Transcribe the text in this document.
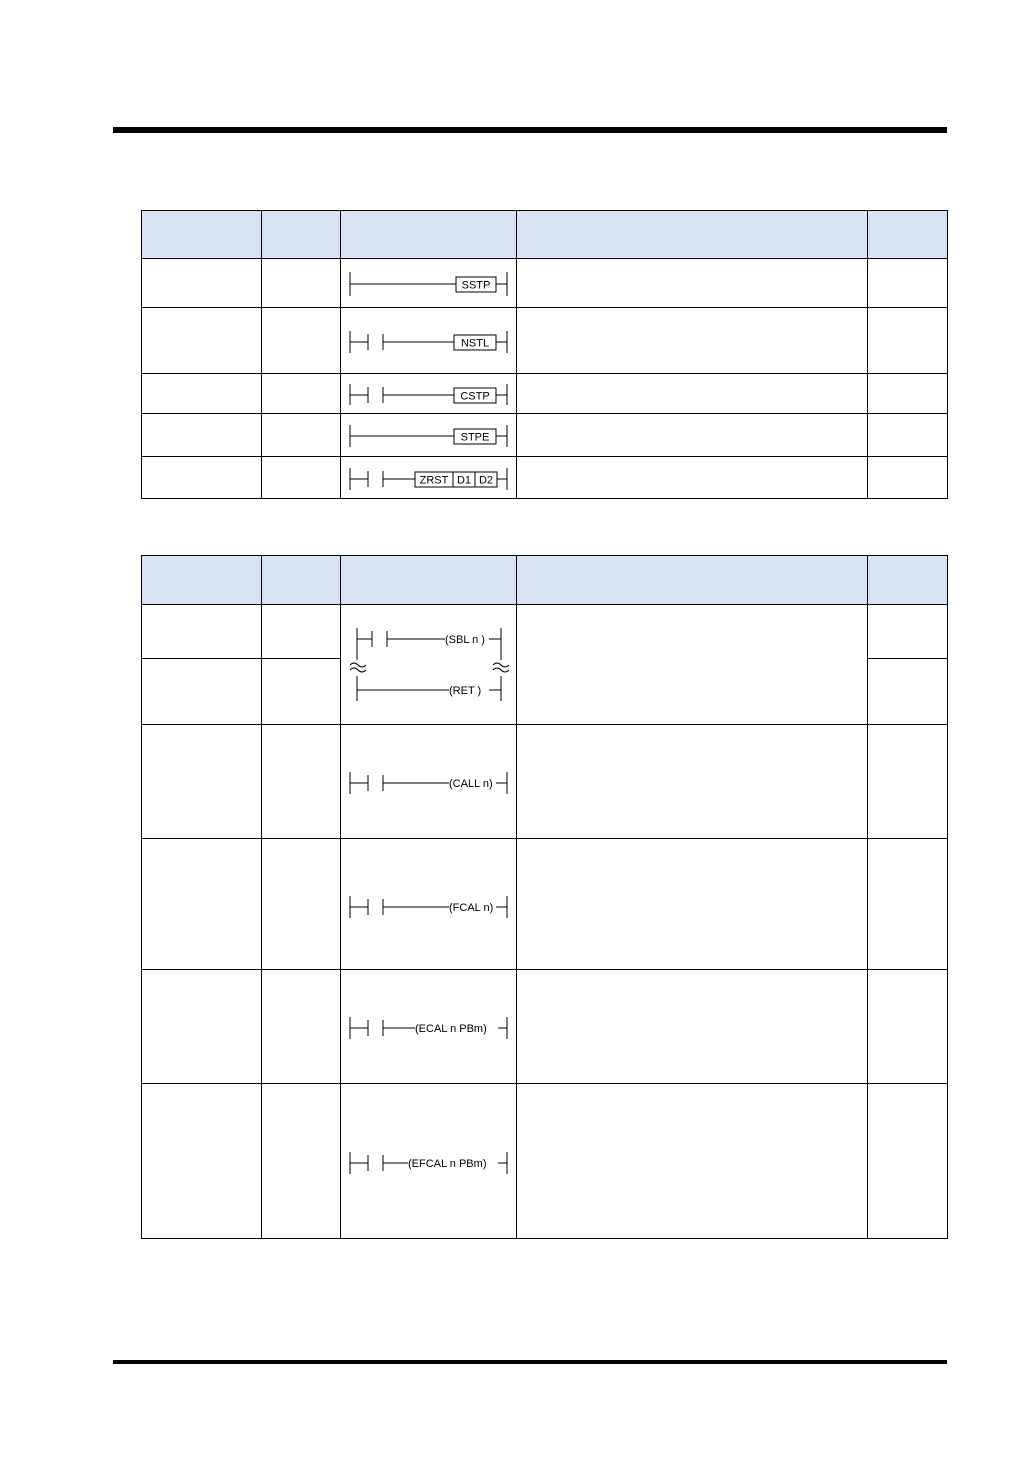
SSTP		

NSTL		

CSTP		

STPE		

ZRST D1 D2		

(SBL n )
(RET )		

(CALL n)		

(FCAL n)		

(ECAL n PBm)		

(EFCAL n PBm)		
